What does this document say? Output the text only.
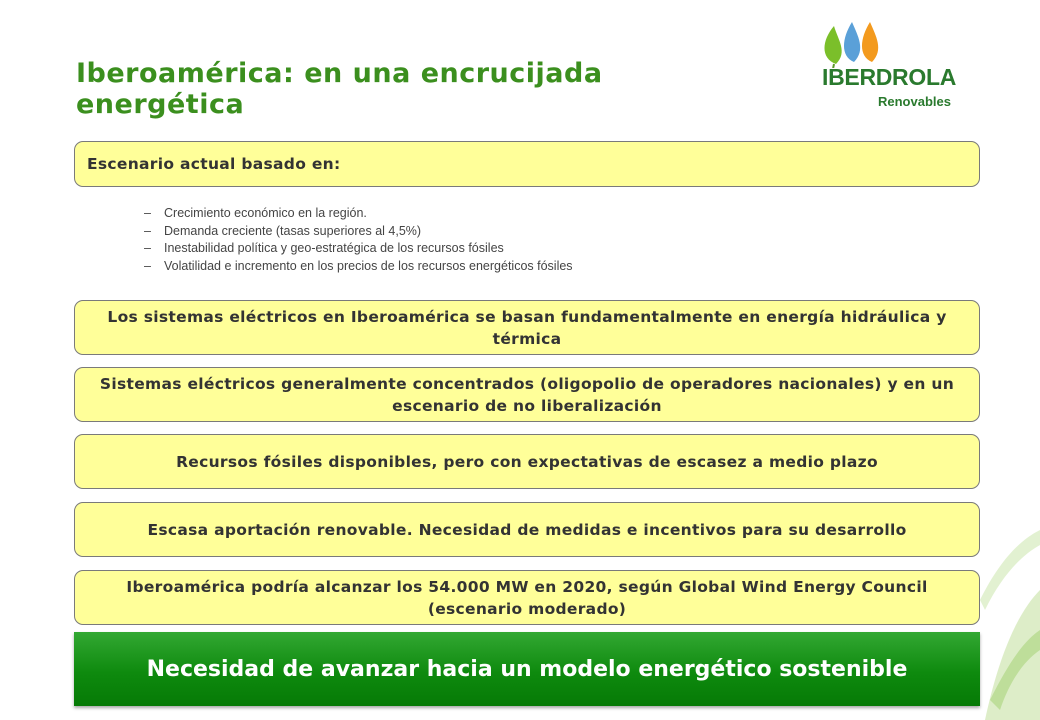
Iberoamérica: en una encrucijada energética
IBERDROLA
Renovables
Escenario actual basado en:
– Crecimiento económico en la región.
– Demanda creciente (tasas superiores al 4,5%)
– Inestabilidad política y geo-estratégica de los recursos fósiles
– Volatilidad e incremento en los precios de los recursos energéticos fósiles
Los sistemas eléctricos en Iberoamérica se basan fundamentalmente en energía hidráulica y térmica
Sistemas eléctricos generalmente concentrados (oligopolio de operadores nacionales) y en un escenario de no liberalización
Recursos fósiles disponibles, pero con expectativas de escasez a medio plazo
Escasa aportación renovable. Necesidad de medidas e incentivos para su desarrollo
Iberoamérica podría alcanzar los 54.000 MW en 2020, según Global Wind Energy Council (escenario moderado)
Necesidad de avanzar hacia un modelo energético sostenible
